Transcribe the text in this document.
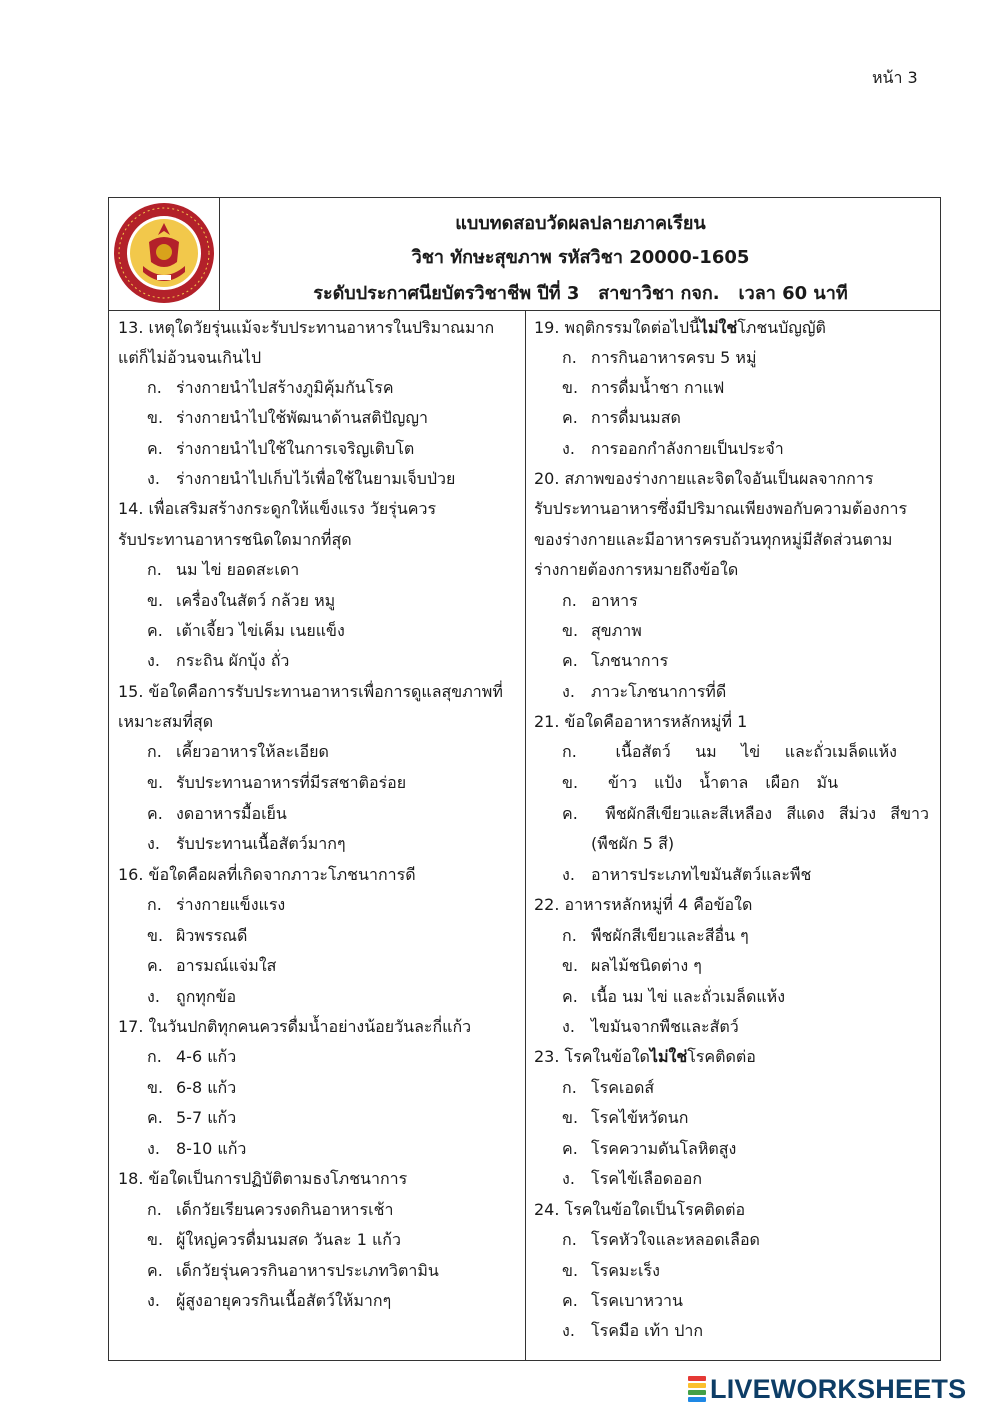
หน้า 3
แบบทดสอบวัดผลปลายภาคเรียน
วิชา ทักษะสุขภาพ รหัสวิชา 20000-1605
ระดับประกาศนียบัตรวิชาชีพ ปีที่ 3 สาขาวิชา กจก. เวลา 60 นาที
13. เหตุใดวัยรุ่นแม้จะรับประทานอาหารในปริมาณมาก
แต่ก็ไม่อ้วนจนเกินไป
ก. ร่างกายนำไปสร้างภูมิคุ้มกันโรค
ข. ร่างกายนำไปใช้พัฒนาด้านสติปัญญา
ค. ร่างกายนำไปใช้ในการเจริญเติบโต
ง. ร่างกายนำไปเก็บไว้เพื่อใช้ในยามเจ็บป่วย
14. เพื่อเสริมสร้างกระดูกให้แข็งแรง วัยรุ่นควร
รับประทานอาหารชนิดใดมากที่สุด
ก. นม ไข่ ยอดสะเดา
ข. เครื่องในสัตว์ กล้วย หมู
ค. เต้าเจี้ยว ไข่เค็ม เนยแข็ง
ง. กระถิน ผักบุ้ง ถั่ว
15. ข้อใดคือการรับประทานอาหารเพื่อการดูแลสุขภาพที่
เหมาะสมที่สุด
ก. เคี้ยวอาหารให้ละเอียด
ข. รับประทานอาหารที่มีรสชาติอร่อย
ค. งดอาหารมื้อเย็น
ง. รับประทานเนื้อสัตว์มากๆ
16. ข้อใดคือผลที่เกิดจากภาวะโภชนาการดี
ก. ร่างกายแข็งแรง
ข. ผิวพรรณดี
ค. อารมณ์แจ่มใส
ง. ถูกทุกข้อ
17. ในวันปกติทุกคนควรดื่มน้ำอย่างน้อยวันละกี่แก้ว
ก. 4-6 แก้ว
ข. 6-8 แก้ว
ค. 5-7 แก้ว
ง. 8-10 แก้ว
18. ข้อใดเป็นการปฏิบัติตามธงโภชนาการ
ก. เด็กวัยเรียนควรงดกินอาหารเช้า
ข. ผู้ใหญ่ควรดื่มนมสด วันละ 1 แก้ว
ค. เด็กวัยรุ่นควรกินอาหารประเภทวิตามิน
ง. ผู้สูงอายุควรกินเนื้อสัตว์ให้มากๆ
19. พฤติกรรมใดต่อไปนี้ไม่ใช่โภชนบัญญัติ
ก. การกินอาหารครบ 5 หมู่
ข. การดื่มน้ำชา กาแฟ
ค. การดื่มนมสด
ง. การออกกำลังกายเป็นประจำ
20. สภาพของร่างกายและจิตใจอันเป็นผลจากการ
รับประทานอาหารซึ่งมีปริมาณเพียงพอกับความต้องการ
ของร่างกายและมีอาหารครบถ้วนทุกหมู่มีสัดส่วนตาม
ร่างกายต้องการหมายถึงข้อใด
ก. อาหาร
ข. สุขภาพ
ค. โภชนาการ
ง. ภาวะโภชนาการที่ดี
21. ข้อใดคืออาหารหลักหมู่ที่ 1
ก.	เนื้อสัตว์ นม ไข่ และถั่วเมล็ดแห้ง
ข.	ข้าว แป้ง น้ำตาล เผือก มัน
ค.	พืชผักสีเขียวและสีเหลือง สีแดง สีม่วง สีขาว
(พืชผัก 5 สี)
ง. อาหารประเภทไขมันสัตว์และพืช
22. อาหารหลักหมู่ที่ 4 คือข้อใด
ก. พืชผักสีเขียวและสีอื่น ๆ
ข. ผลไม้ชนิดต่าง ๆ
ค. เนื้อ นม ไข่ และถั่วเมล็ดแห้ง
ง. ไขมันจากพืชและสัตว์
23. โรคในข้อใดไม่ใช่โรคติดต่อ
ก. โรคเอดส์
ข. โรคไข้หวัดนก
ค. โรคความดันโลหิตสูง
ง. โรคไข้เลือดออก
24. โรคในข้อใดเป็นโรคติดต่อ
ก. โรคหัวใจและหลอดเลือด
ข. โรคมะเร็ง
ค. โรคเบาหวาน
ง. โรคมือ เท้า ปาก
LIVEWORKSHEETS
